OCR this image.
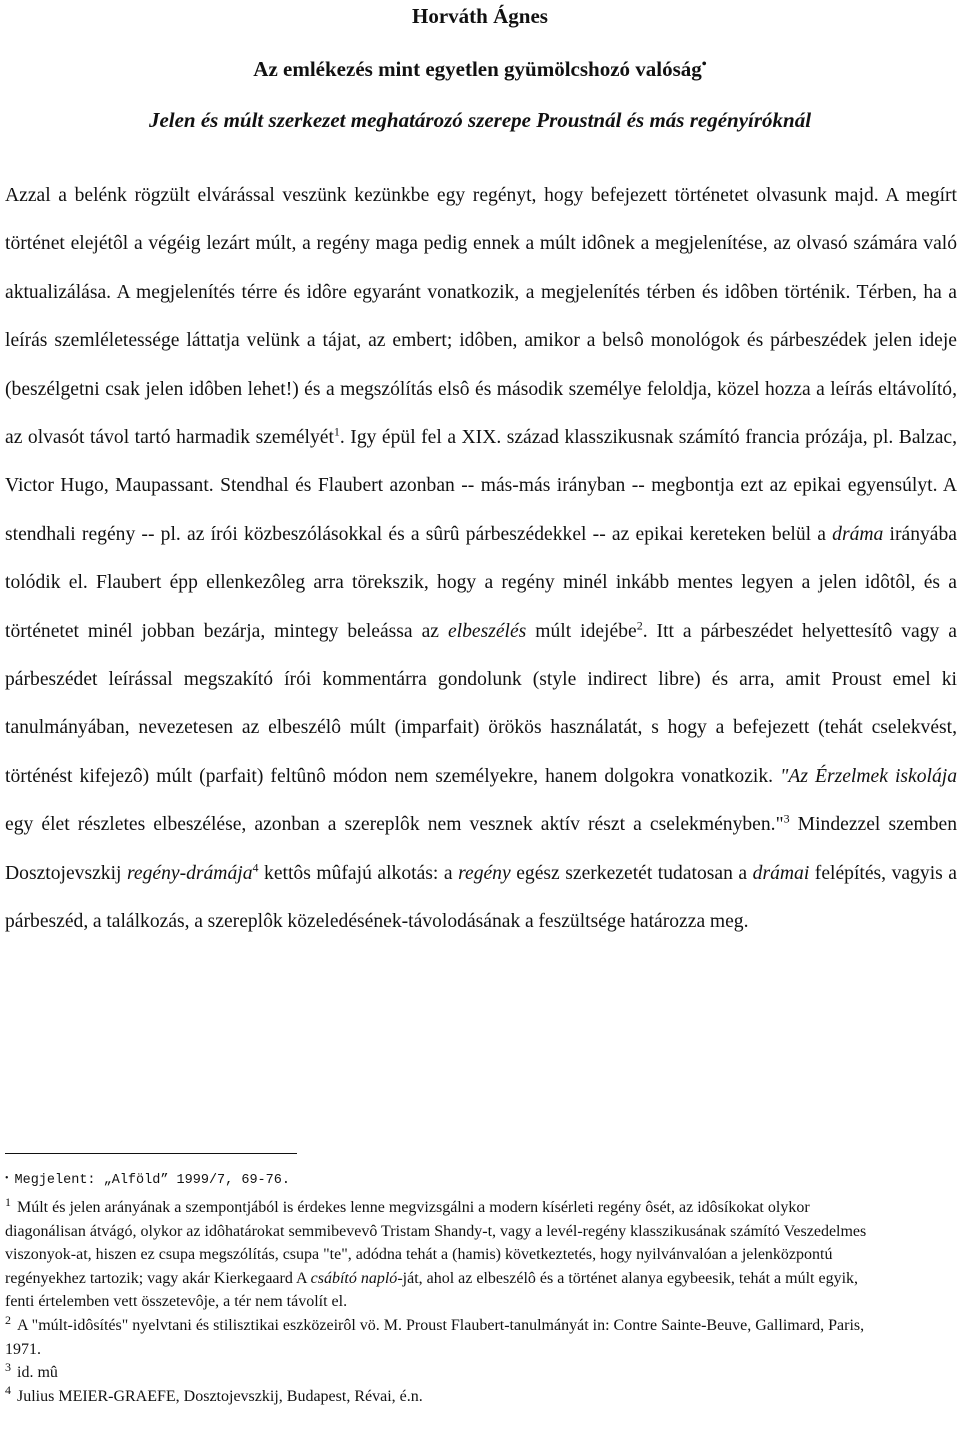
Horváth Ágnes
Az emlékezés mint egyetlen gyümölcshozó valóság•
Jelen és múlt szerkezet meghatározó szerepe Proustnál és más regényíróknál

Azzal a belénk rögzült elvárással veszünk kezünkbe egy regényt, hogy befejezett történetet olvasunk majd. A megírt történet elejétôl a végéig lezárt múlt, a regény maga pedig ennek a múlt idônek a megjelenítése, az olvasó számára való aktualizálása. A megjelenítés térre és idôre egyaránt vonatkozik, a megjelenítés térben és idôben történik. Térben, ha a leírás szemléletessége láttatja velünk a tájat, az embert; idôben, amikor a belsô monológok és párbeszédek jelen ideje (beszélgetni csak jelen idôben lehet!) és a megszólítás elsô és második személye feloldja, közel hozza a leírás eltávolító, az olvasót távol tartó harmadik személyét$^1$. Igy épül fel a XIX. század klasszikusnak számító francia prózája, pl. Balzac, Victor Hugo, Maupassant. Stendhal és Flaubert azonban -- más-más irányban -- megbontja ezt az epikai egyensúlyt. A stendhali regény -- pl. az írói közbeszólásokkal és a sûrû párbeszédekkel -- az epikai kereteken belül a dráma irányába tolódik el. Flaubert épp ellenkezôleg arra törekszik, hogy a regény minél inkább mentes legyen a jelen idôtôl, és a történetet minél jobban bezárja, mintegy beleássa az elbeszélés múlt idejébe$^2$. Itt a párbeszédet helyettesítô vagy a párbeszédet leírással megszakító írói kommentárra gondolunk (style indirect libre) és arra, amit Proust emel ki tanulmányában, nevezetesen az elbeszélô múlt (imparfait) örökös használatát, s hogy a befejezett (tehát cselekvést, történést kifejezô) múlt (parfait) feltûnô módon nem személyekre, hanem dolgokra vonatkozik. "Az Érzelmek iskolája egy élet részletes elbeszélése, azonban a szereplôk nem vesznek aktív részt a cselekményben."$^3$ Mindezzel szemben Dosztojevszkij regény-drámája$^4$ kettôs mûfajú alkotás: a regény egész szerkezetét tudatosan a drámai felépítés, vagyis a párbeszéd, a találkozás, a szereplôk közeledésének-távolodásának a feszültsége határozza meg.

• Megjelent: „Alföld” 1999/7, 69-76.

$^1$ Múlt és jelen arányának a szempontjából is érdekes lenne megvizsgálni a modern kísérleti regény ôsét, az idôsíkokat olykor diagonálisan átvágó, olykor az idôhatárokat semmibevevô Tristam Shandy-t, vagy a levél-regény klasszikusának számító Veszedelmes viszonyok-at, hiszen ez csupa megszólítás, csupa "te", adódna tehát a (hamis) következtetés, hogy nyilvánvalóan a jelenközpontú regényekhez tartozik; vagy akár Kierkegaard A csábító napló-ját, ahol az elbeszélô és a történet alanya egybeesik, tehát a múlt egyik, fenti értelemben vett összetevôje, a tér nem távolít el.

$^2$ A "múlt-idôsítés" nyelvtani és stilisztikai eszközeirôl vö. M. Proust Flaubert-tanulmányát in: Contre Sainte-Beuve, Gallimard, Paris, 1971.

$^3$ id. mû

$^4$ Julius MEIER-GRAEFE, Dosztojevszkij, Budapest, Révai, é.n.
